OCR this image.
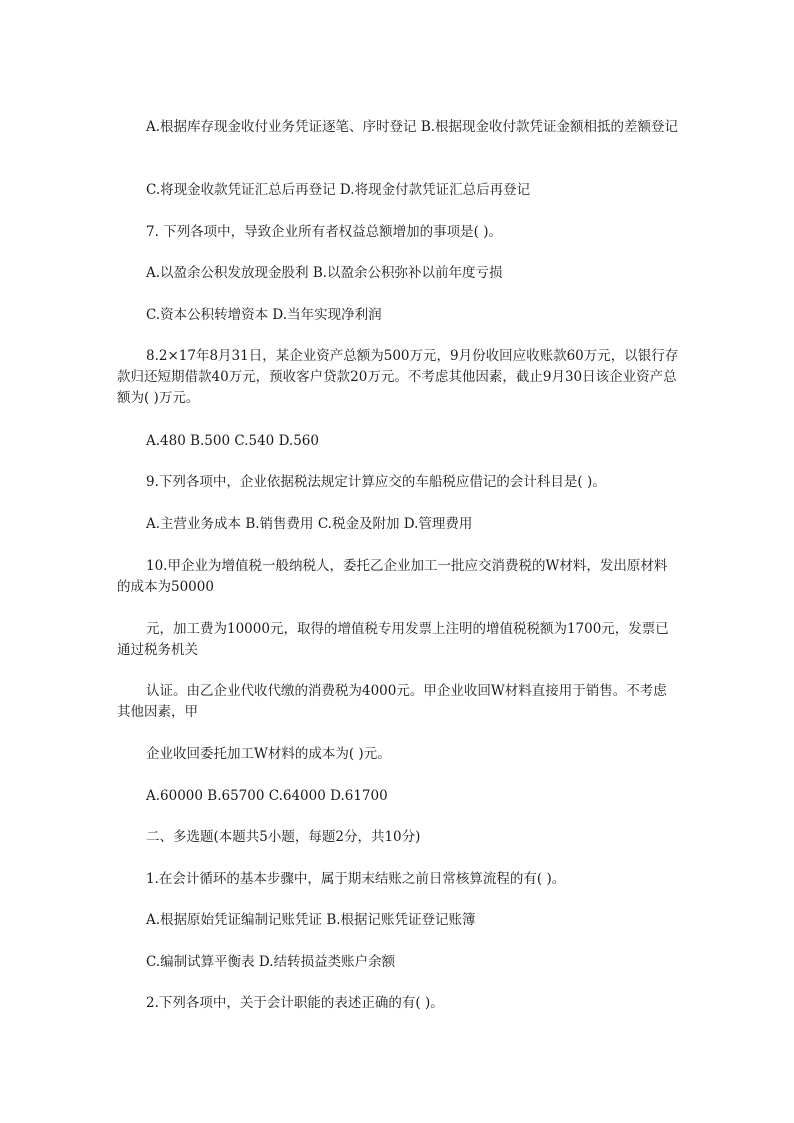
A.根据库存现金收付业务凭证逐笔、序时登记 B.根据现金收付款凭证金额相抵的差额登记

C.将现金收款凭证汇总后再登记 D.将现金付款凭证汇总后再登记

7. 下列各项中，导致企业所有者权益总额增加的事项是( )。

A.以盈余公积发放现金股利 B.以盈余公积弥补以前年度亏损

C.资本公积转增资本 D.当年实现净利润

8.2×17年8月31日，某企业资产总额为500万元，9月份收回应收账款60万元，以银行存款归还短期借款40万元，预收客户贷款20万元。不考虑其他因素，截止9月30日该企业资产总额为( )万元。

A.480 B.500 C.540 D.560

9.下列各项中，企业依据税法规定计算应交的车船税应借记的会计科目是( )。

A.主营业务成本 B.销售费用 C.税金及附加 D.管理费用

10.甲企业为增值税一般纳税人，委托乙企业加工一批应交消费税的W材料，发出原材料的成本为50000

元，加工费为10000元，取得的增值税专用发票上注明的增值税税额为1700元，发票已通过税务机关

认证。由乙企业代收代缴的消费税为4000元。甲企业收回W材料直接用于销售。不考虑其他因素，甲

企业收回委托加工W材料的成本为( )元。

A.60000 B.65700 C.64000 D.61700

二、多选题(本题共5小题，每题2分，共10分)

1.在会计循环的基本步骤中，属于期末结账之前日常核算流程的有( )。

A.根据原始凭证编制记账凭证 B.根据记账凭证登记账簿

C.编制试算平衡表 D.结转损益类账户余额

2.下列各项中，关于会计职能的表述正确的有( )。
